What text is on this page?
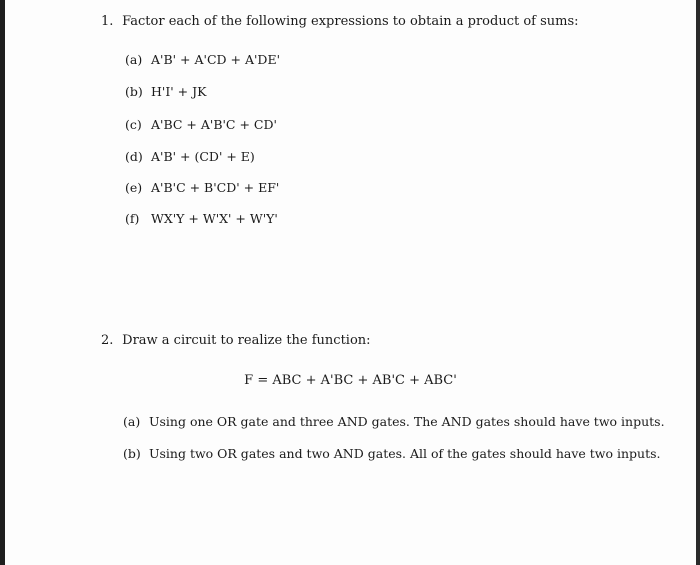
1. Factor each of the following expressions to obtain a product of sums:
(a) A'B' + A'CD + A'DE'
(b) H'I' + JK
(c) A'BC + A'B'C + CD'
(d) A'B' + (CD' + E)
(e) A'B'C + B'CD' + EF'
(f) WX'Y + W'X' + W'Y'
2. Draw a circuit to realize the function:
F = ABC + A'BC + AB'C + ABC'
(a) Using one OR gate and three AND gates. The AND gates should have two inputs.
(b) Using two OR gates and two AND gates. All of the gates should have two inputs.
